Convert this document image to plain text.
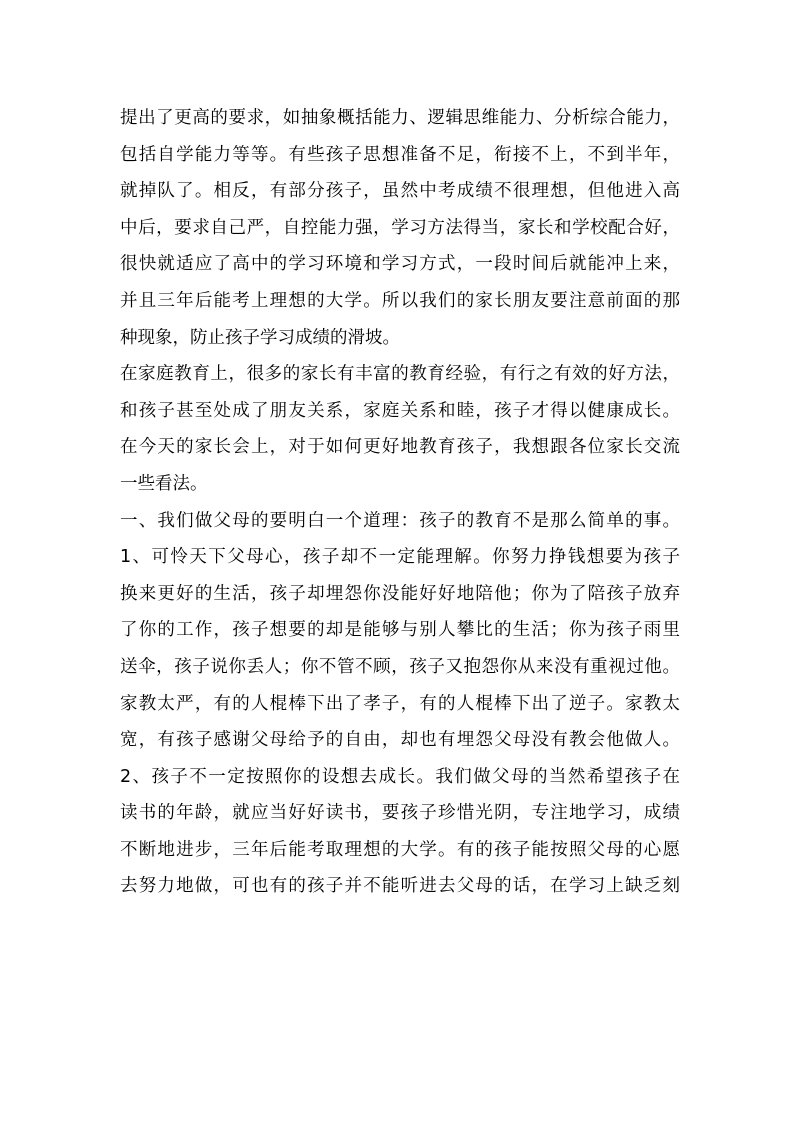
提出了更高的要求，如抽象概括能力、逻辑思维能力、分析综合能力，
包括自学能力等等。有些孩子思想准备不足，衔接不上，不到半年，
就掉队了。相反，有部分孩子，虽然中考成绩不很理想，但他进入高
中后，要求自己严，自控能力强，学习方法得当，家长和学校配合好，
很快就适应了高中的学习环境和学习方式，一段时间后就能冲上来，
并且三年后能考上理想的大学。所以我们的家长朋友要注意前面的那
种现象，防止孩子学习成绩的滑坡。
在家庭教育上，很多的家长有丰富的教育经验，有行之有效的好方法，
和孩子甚至处成了朋友关系，家庭关系和睦，孩子才得以健康成长。
在今天的家长会上，对于如何更好地教育孩子，我想跟各位家长交流
一些看法。
一、我们做父母的要明白一个道理：孩子的教育不是那么简单的事。
1、可怜天下父母心，孩子却不一定能理解。你努力挣钱想要为孩子
换来更好的生活，孩子却埋怨你没能好好地陪他；你为了陪孩子放弃
了你的工作，孩子想要的却是能够与别人攀比的生活；你为孩子雨里
送伞，孩子说你丢人；你不管不顾，孩子又抱怨你从来没有重视过他。
家教太严，有的人棍棒下出了孝子，有的人棍棒下出了逆子。家教太
宽，有孩子感谢父母给予的自由，却也有埋怨父母没有教会他做人。
2、孩子不一定按照你的设想去成长。我们做父母的当然希望孩子在
读书的年龄，就应当好好读书，要孩子珍惜光阴，专注地学习，成绩
不断地进步，三年后能考取理想的大学。有的孩子能按照父母的心愿
去努力地做，可也有的孩子并不能听进去父母的话，在学习上缺乏刻
